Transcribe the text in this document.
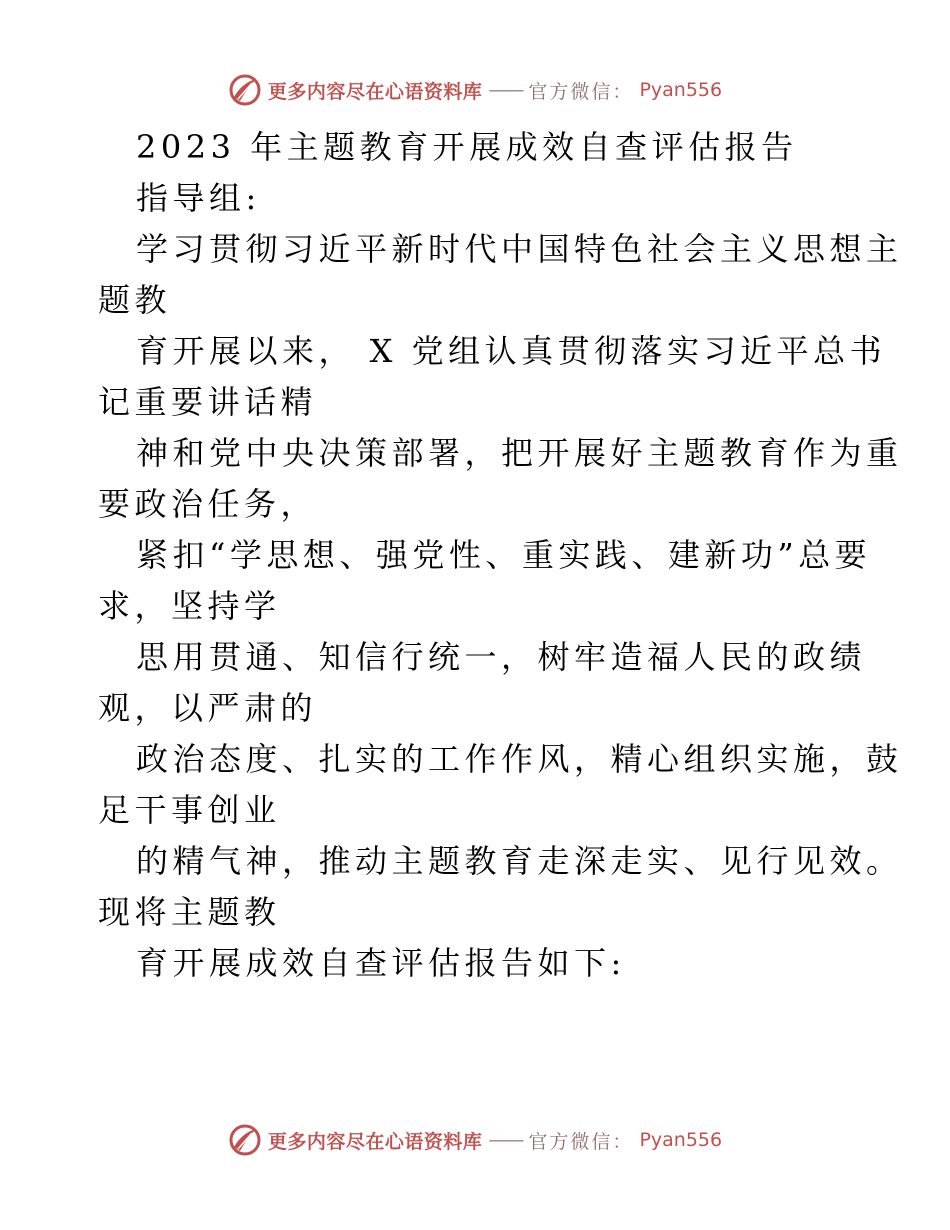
更多内容尽在心语资料库 —— 官方微信： Pyan556
2023 年主题教育开展成效自查评估报告
指导组:
学习贯彻习近平新时代中国特色社会主义思想主
题教
育开展以来， X 党组认真贯彻落实习近平总书
记重要讲话精
神和党中央决策部署，把开展好主题教育作为重
要政治任务，
紧扣“学思想、强党性、重实践、建新功”总要
求，坚持学
思用贯通、知信行统一，树牢造福人民的政绩
观，以严肃的
政治态度、扎实的工作作风，精心组织实施，鼓
足干事创业
的精气神，推动主题教育走深走实、见行见效。
现将主题教
育开展成效自查评估报告如下:
更多内容尽在心语资料库 —— 官方微信： Pyan556
